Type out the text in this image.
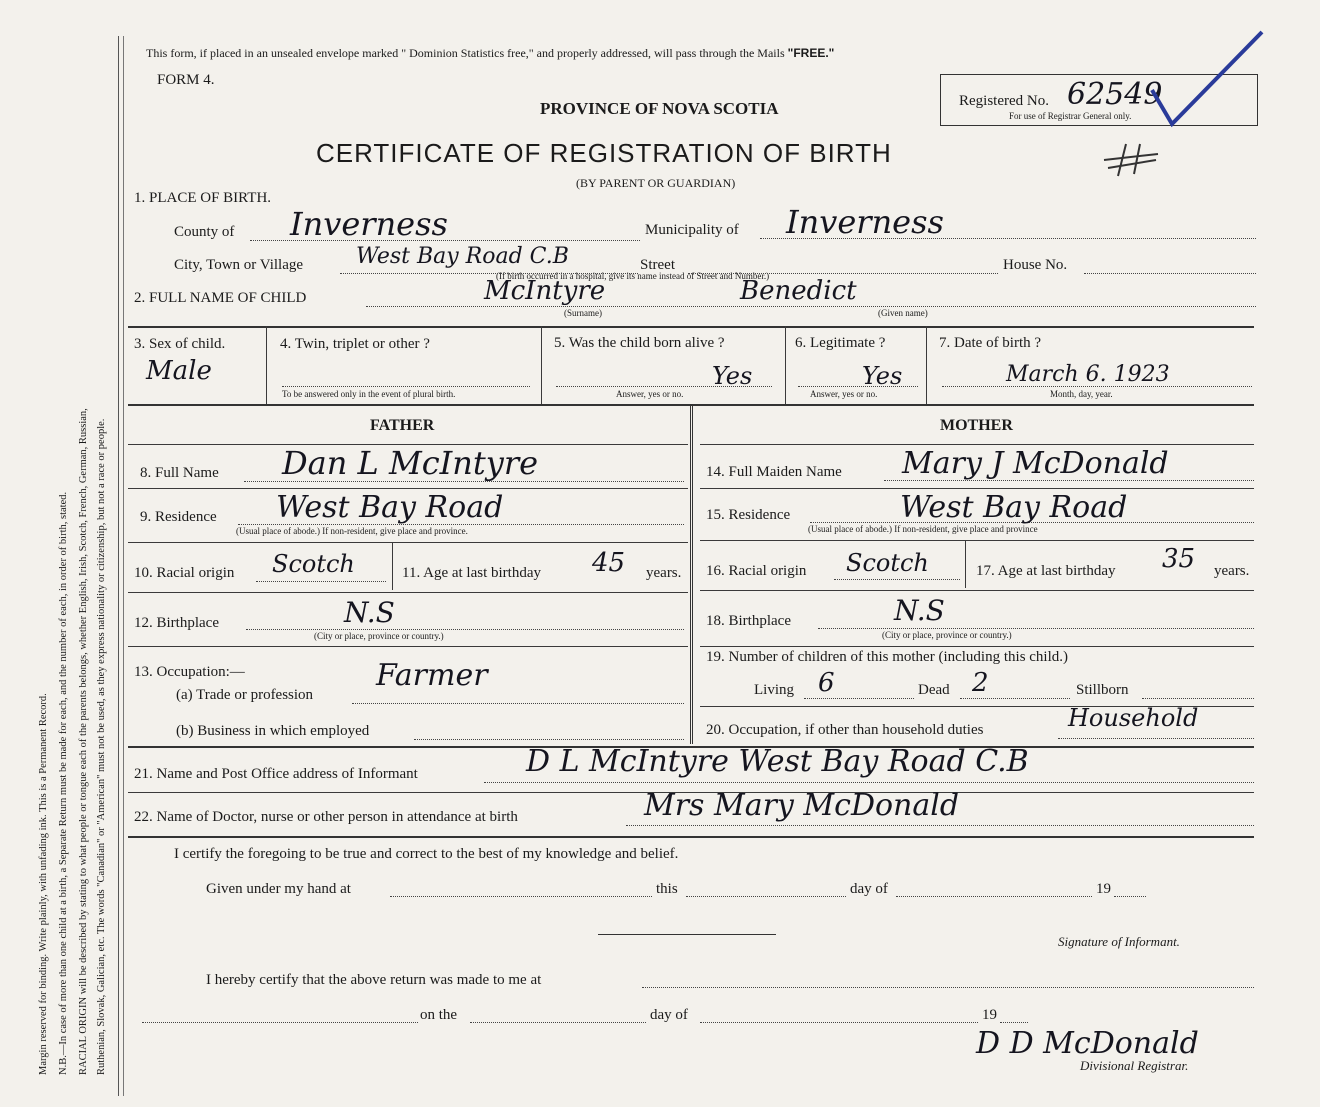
Margin reserved for binding. Write plainly, with unfading ink. This is a Permanent Record. N.B.—In case of more than one child at a birth, a Separate Return must be made for each, and the number of each, in order of birth, stated. RACIAL ORIGIN will be described by stating to what people or tongue each of the parents belongs, whether English, Irish, Scotch, French, German, Russian, Ruthenian, Slovak, Galician, etc. The words "Canadian" or "American" must not be used, as they express nationality or citizenship, but not a race or people.
This form, if placed in an unsealed envelope marked " Dominion Statistics free," and properly addressed, will pass through the Mails "FREE."
FORM 4.
PROVINCE OF NOVA SCOTIA	Registered No. 62549
For use of Registrar General only.
CERTIFICATE OF REGISTRATION OF BIRTH
(BY PARENT OR GUARDIAN)
1. PLACE OF BIRTH.
County of Inverness	Municipality of Inverness
(If birth occurred in a hospital, give its name instead of Street and Number.)
City, Town or Village West Bay Road C.B	Street	House No.
2. FULL NAME OF CHILD	McIntyre	Benedict
(Surname)	(Given name)
3. Sex of child.
Male
4. Twin, triplet or other ?
To be answered only in the event of plural birth.
5. Was the child born alive ?
Yes
Answer, yes or no.
6. Legitimate ?
Yes
Answer, yes or no.
7. Date of birth ?
March 6. 1923
Month, day, year.
FATHER	MOTHER
8. Full Name Dan L McIntyre
9. Residence West Bay Road
(Usual place of abode.) If non-resident, give place and province.
10. Racial origin Scotch	11. Age at last birthday 45 years.
12. Birthplace	N.S
(City or place, province or country.)
13. Occupation:—
(a) Trade or profession
Farmer
(b) Business in which employed
14. Full Maiden Name Mary J McDonald
15. Residence	West Bay Road
(Usual place of abode.) If non-resident, give place and province
16. Racial origin Scotch	17. Age at last birthday 35 years.
18. Birthplace	N.S
(City or place, province or country.)
19. Number of children of this mother (including this child.)
Living 6	Dead 2	Stillborn
20. Occupation, if other than household duties	Household
21. Name and Post Office address of Informant	D L McIntyre West Bay Road C.B
22. Name of Doctor, nurse or other person in attendance at birth	Mrs Mary McDonald
I certify the foregoing to be true and correct to the best of my knowledge and belief.
Given under my hand at	this	day of	19
Signature of Informant.
I hereby certify that the above return was made to me at
on the	day of	19
D D McDonald
Divisional Registrar.
